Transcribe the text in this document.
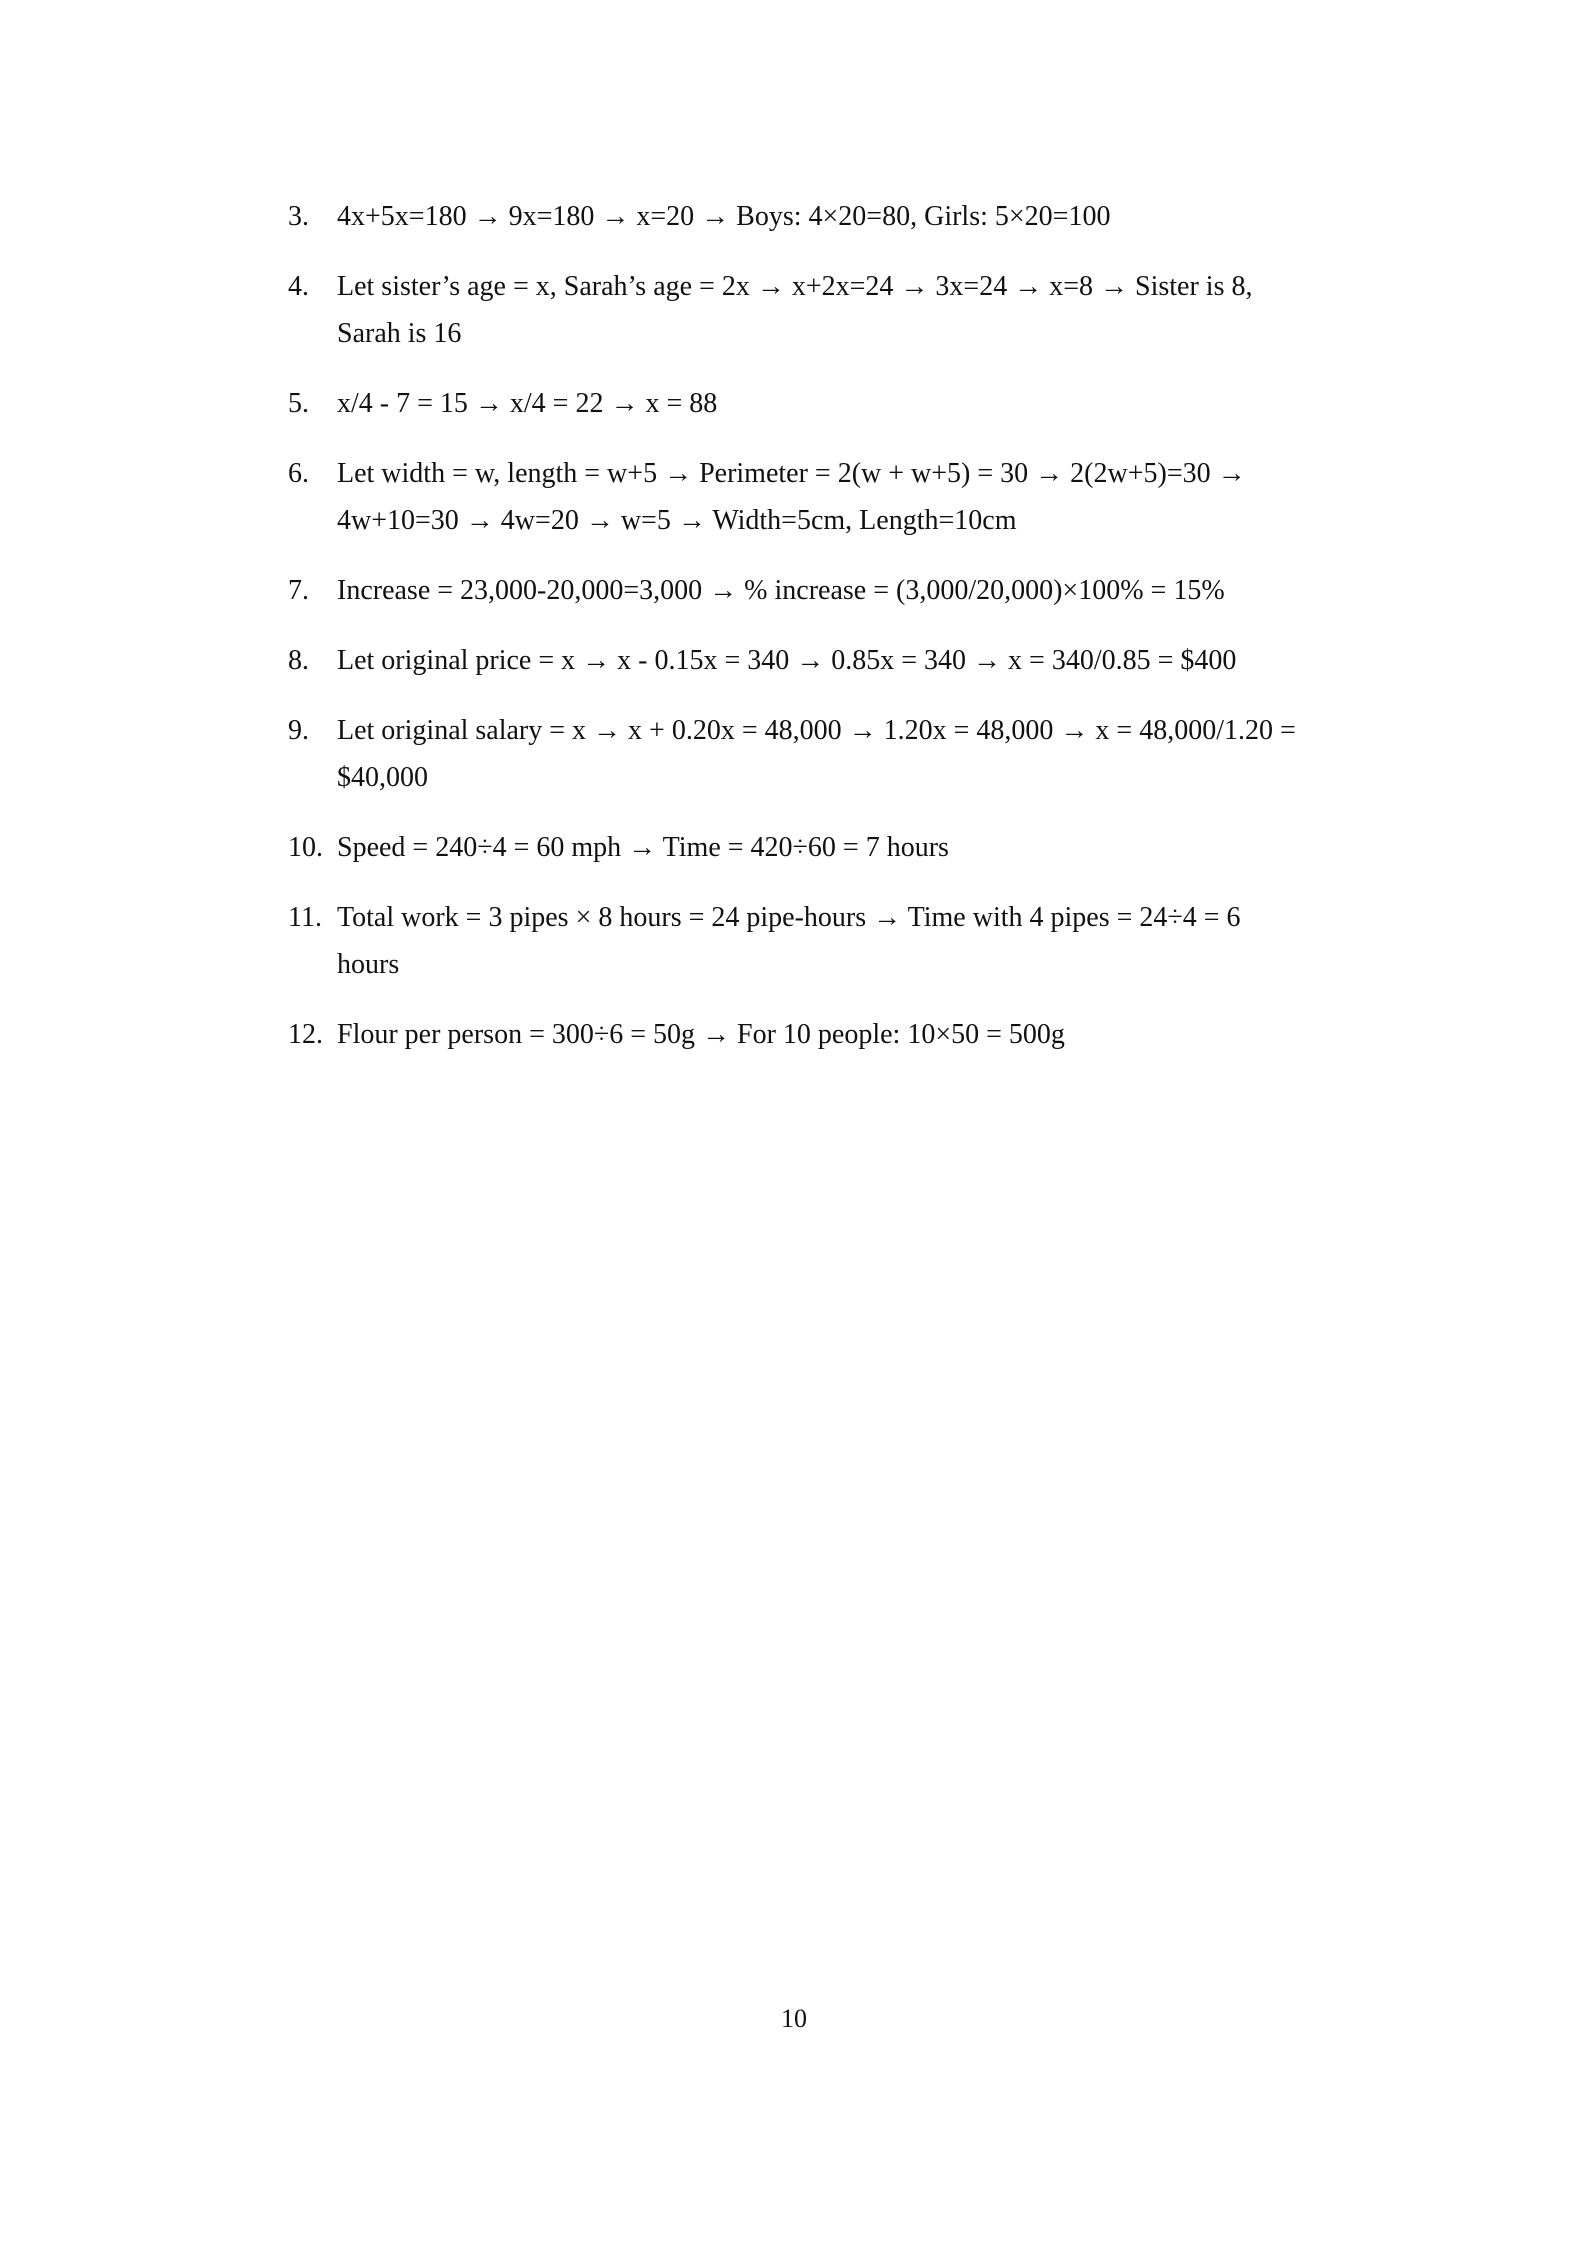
3.	4x+5x=180 → 9x=180 → x=20 → Boys: 4×20=80, Girls: 5×20=100
4.	Let sister’s age = x, Sarah’s age = 2x → x+2x=24 → 3x=24 → x=8 → Sister is 8,
Sarah is 16
5.	x/4 - 7 = 15 → x/4 = 22 → x = 88
6.	Let width = w, length = w+5 → Perimeter = 2(w + w+5) = 30 → 2(2w+5)=30 →
4w+10=30 → 4w=20 → w=5 → Width=5cm, Length=10cm
7.	Increase = 23,000-20,000=3,000 → % increase = (3,000/20,000)×100% = 15%
8.	Let original price = x → x - 0.15x = 340 → 0.85x = 340 → x = 340/0.85 = $400
9.	Let original salary = x → x + 0.20x = 48,000 → 1.20x = 48,000 → x = 48,000/1.20 =
$40,000
10. Speed = 240÷4 = 60 mph → Time = 420÷60 = 7 hours
11. Total work = 3 pipes × 8 hours = 24 pipe-hours → Time with 4 pipes = 24÷4 = 6
hours
12. Flour per person = 300÷6 = 50g → For 10 people: 10×50 = 500g
10
